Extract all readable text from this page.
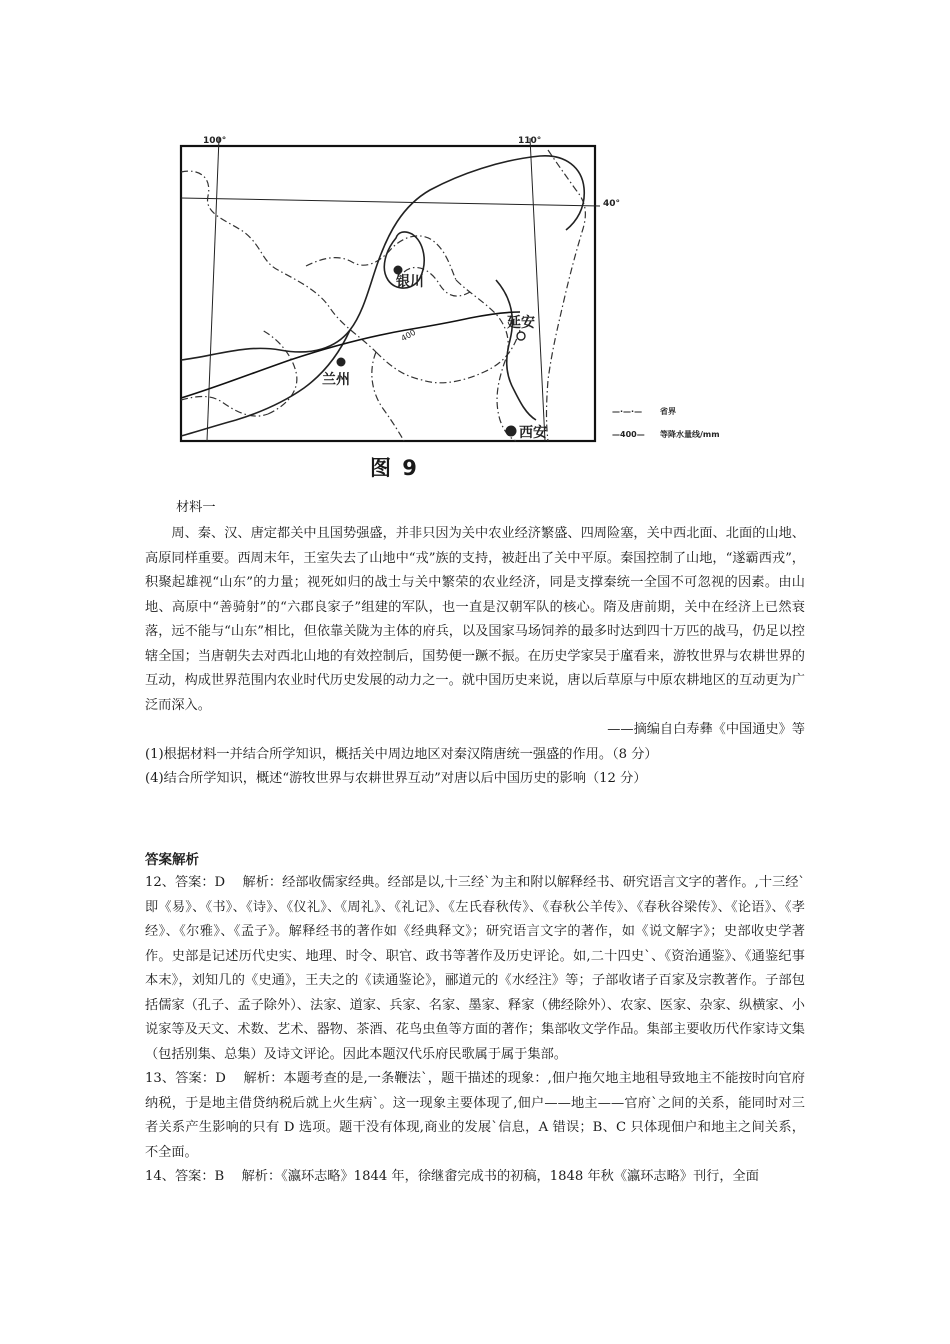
100°	110°
40°
银川
兰州
延安
西安
400
—·—·— 省界
—400— 等降水量线/mm
图 9
材料一

周、秦、汉、唐定都关中且国势强盛，并非只因为关中农业经济繁盛、四周险塞，关中西北面、北面的山地、高原同样重要。西周末年，王室失去了山地中“戎”族的支持，被赶出了关中平原。秦国控制了山地，“遂霸西戎”，积聚起雄视“山东”的力量；视死如归的战士与关中繁荣的农业经济，同是支撑秦统一全国不可忽视的因素。由山地、高原中“善骑射”的“六郡良家子”组建的军队，也一直是汉朝军队的核心。隋及唐前期，关中在经济上已然衰落，远不能与“山东”相比，但依靠关陇为主体的府兵，以及国家马场饲养的最多时达到四十万匹的战马，仍足以控辖全国；当唐朝失去对西北山地的有效控制后，国势便一蹶不振。在历史学家吴于廑看来，游牧世界与农耕世界的互动，构成世界范围内农业时代历史发展的动力之一。就中国历史来说，唐以后草原与中原农耕地区的互动更为广泛而深入。

——摘编自白寿彝《中国通史》等

(1)根据材料一并结合所学知识，概括关中周边地区对秦汉隋唐统一强盛的作用。（8 分）

(4)结合所学知识，概述“游牧世界与农耕世界互动”对唐以后中国历史的影响（12 分）

答案解析

12、答案：D　 解析：经部收儒家经典。经部是以,十三经`为主和附以解释经书、研究语言文字的著作。,十三经`即《易》、《书》、《诗》、《仪礼》、《周礼》、《礼记》、《左氏春秋传》、《春秋公羊传》、《春秋谷梁传》、《论语》、《孝经》、《尔雅》、《孟子》。解释经书的著作如《经典释文》；研究语言文字的著作，如《说文解字》；史部收史学著作。史部是记述历代史实、地理、时令、职官、政书等著作及历史评论。如,二十四史`、《资治通鉴》、《通鉴纪事本末》，刘知几的《史通》，王夫之的《读通鉴论》，郦道元的《水经注》等；子部收诸子百家及宗教著作。子部包括儒家（孔子、孟子除外）、法家、道家、兵家、名家、墨家、释家（佛经除外）、农家、医家、杂家、纵横家、小说家等及天文、术数、艺术、器物、茶酒、花鸟虫鱼等方面的著作；集部收文学作品。集部主要收历代作家诗文集（包括别集、总集）及诗文评论。因此本题汉代乐府民歌属于属于集部。

13、答案：D　 解析：本题考查的是,一条鞭法`，题干描述的现象：,佃户拖欠地主地租导致地主不能按时向官府纳税，于是地主借贷纳税后就上火生病`。这一现象主要体现了,佃户——地主——官府`之间的关系，能同时对三者关系产生影响的只有 D 选项。题干没有体现,商业的发展`信息，A 错误；B、C 只体现佃户和地主之间关系，不全面。

14、答案：B　 解析：《瀛环志略》1844 年，徐继畬完成书的初稿，1848 年秋《瀛环志略》刊行，全面
